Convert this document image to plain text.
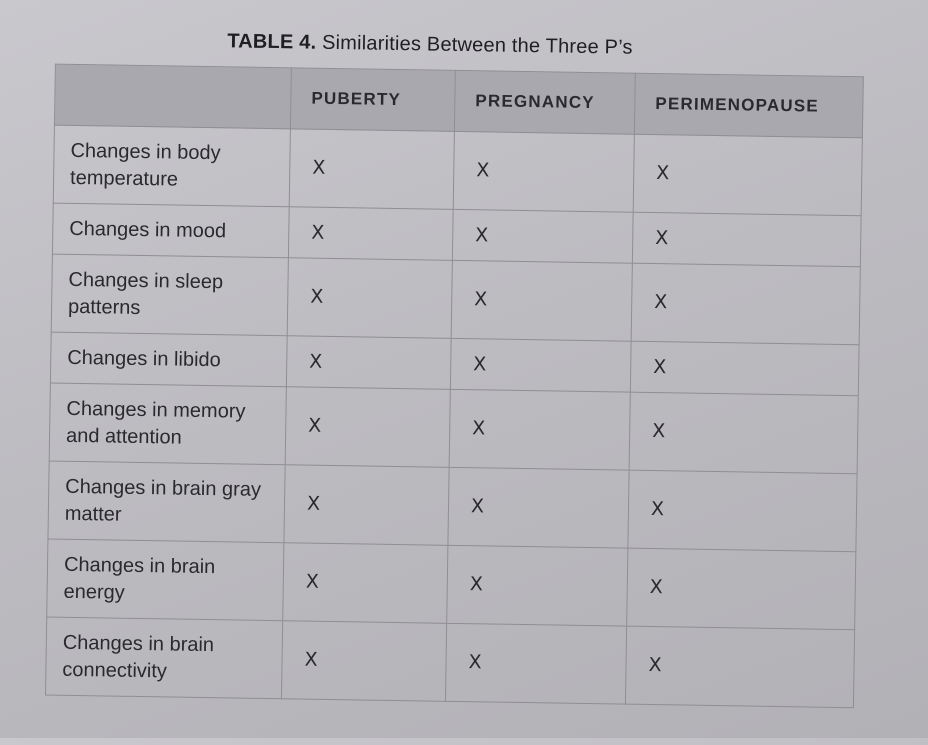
TABLE 4. Similarities Between the Three P’s
	PUBERTY	PREGNANCY	PERIMENOPAUSE
Changes in body temperature	X	X	X
Changes in mood	X	X	X
Changes in sleep patterns	X	X	X
Changes in libido	X	X	X
Changes in memory and attention	X	X	X
Changes in brain gray matter	X	X	X
Changes in brain energy	X	X	X
Changes in brain connectivity	X	X	X
